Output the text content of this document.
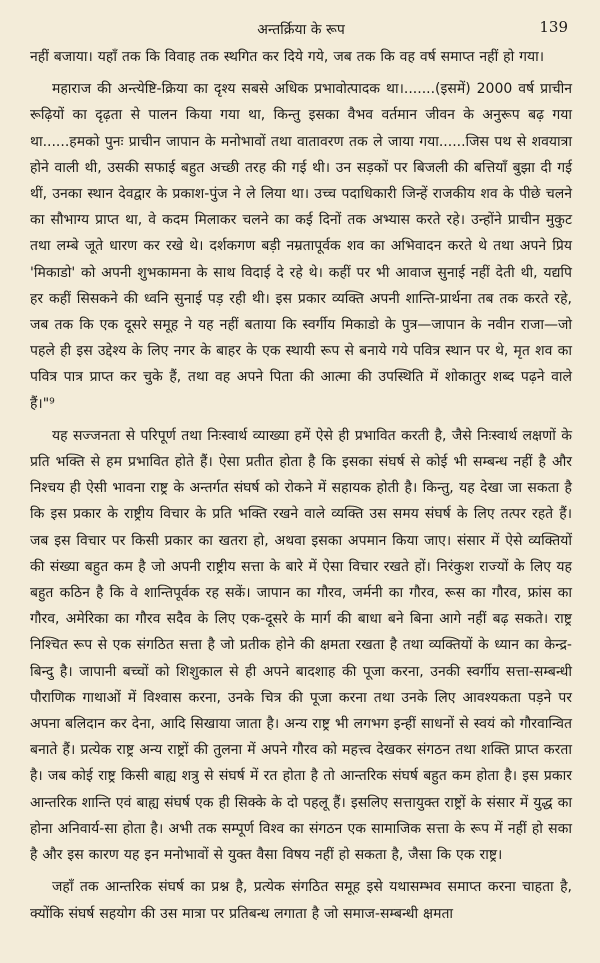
अन्तर्क्रिया के रूप	139

नहीं बजाया। यहाँ तक कि विवाह तक स्थगित कर दिये गये, जब तक कि वह वर्ष समाप्त नहीं हो गया।

महाराज की अन्त्येष्टि-क्रिया का दृश्य सबसे अधिक प्रभावोत्पादक था।.......(इसमें) 2000 वर्ष प्राचीन रूढ़ियों का दृढ़ता से पालन किया गया था, किन्तु इसका वैभव वर्तमान जीवन के अनुरूप बढ़ गया था......हमको पुनः प्राचीन जापान के मनोभावों तथा वातावरण तक ले जाया गया......जिस पथ से शवयात्रा होने वाली थी, उसकी सफाई बहुत अच्छी तरह की गई थी। उन सड़कों पर बिजली की बत्तियाँ बुझा दी गई थीं, उनका स्थान देवद्वार के प्रकाश-पुंज ने ले लिया था। उच्च पदाधिकारी जिन्हें राजकीय शव के पीछे चलने का सौभाग्य प्राप्त था, वे कदम मिलाकर चलने का कई दिनों तक अभ्यास करते रहे। उन्होंने प्राचीन मुकुट तथा लम्बे जूते धारण कर रखे थे। दर्शकगण बड़ी नम्रतापूर्वक शव का अभिवादन करते थे तथा अपने प्रिय 'मिकाडो' को अपनी शुभकामना के साथ विदाई दे रहे थे। कहीं पर भी आवाज सुनाई नहीं देती थी, यद्यपि हर कहीं सिसकने की ध्वनि सुनाई पड़ रही थी। इस प्रकार व्यक्ति अपनी शान्ति-प्रार्थना तब तक करते रहे, जब तक कि एक दूसरे समूह ने यह नहीं बताया कि स्वर्गीय मिकाडो के पुत्र—जापान के नवीन राजा—जो पहले ही इस उद्देश्य के लिए नगर के बाहर के एक स्थायी रूप से बनाये गये पवित्र स्थान पर थे, मृत शव का पवित्र पात्र प्राप्त कर चुके हैं, तथा वह अपने पिता की आत्मा की उपस्थिति में शोकातुर शब्द पढ़ने वाले हैं।"⁹

यह सज्जनता से परिपूर्ण तथा निःस्वार्थ व्याख्या हमें ऐसे ही प्रभावित करती है, जैसे निःस्वार्थ लक्षणों के प्रति भक्ति से हम प्रभावित होते हैं। ऐसा प्रतीत होता है कि इसका संघर्ष से कोई भी सम्बन्ध नहीं है और निश्चय ही ऐसी भावना राष्ट्र के अन्तर्गत संघर्ष को रोकने में सहायक होती है। किन्तु, यह देखा जा सकता है कि इस प्रकार के राष्ट्रीय विचार के प्रति भक्ति रखने वाले व्यक्ति उस समय संघर्ष के लिए तत्पर रहते हैं। जब इस विचार पर किसी प्रकार का खतरा हो, अथवा इसका अपमान किया जाए। संसार में ऐसे व्यक्तियों की संख्या बहुत कम है जो अपनी राष्ट्रीय सत्ता के बारे में ऐसा विचार रखते हों। निरंकुश राज्यों के लिए यह बहुत कठिन है कि वे शान्तिपूर्वक रह सकें। जापान का गौरव, जर्मनी का गौरव, रूस का गौरव, फ्रांस का गौरव, अमेरिका का गौरव सदैव के लिए एक-दूसरे के मार्ग की बाधा बने बिना आगे नहीं बढ़ सकते। राष्ट्र निश्चित रूप से एक संगठित सत्ता है जो प्रतीक होने की क्षमता रखता है तथा व्यक्तियों के ध्यान का केन्द्र-बिन्दु है। जापानी बच्चों को शिशुकाल से ही अपने बादशाह की पूजा करना, उनकी स्वर्गीय सत्ता-सम्बन्धी पौराणिक गाथाओं में विश्वास करना, उनके चित्र की पूजा करना तथा उनके लिए आवश्यकता पड़ने पर अपना बलिदान कर देना, आदि सिखाया जाता है। अन्य राष्ट्र भी लगभग इन्हीं साधनों से स्वयं को गौरवान्वित बनाते हैं। प्रत्येक राष्ट्र अन्य राष्ट्रों की तुलना में अपने गौरव को महत्त्व देखकर संगठन तथा शक्ति प्राप्त करता है। जब कोई राष्ट्र किसी बाह्य शत्रु से संघर्ष में रत होता है तो आन्तरिक संघर्ष बहुत कम होता है। इस प्रकार आन्तरिक शान्ति एवं बाह्य संघर्ष एक ही सिक्के के दो पहलू हैं। इसलिए सत्तायुक्त राष्ट्रों के संसार में युद्ध का होना अनिवार्य-सा होता है। अभी तक सम्पूर्ण विश्व का संगठन एक सामाजिक सत्ता के रूप में नहीं हो सका है और इस कारण यह इन मनोभावों से युक्त वैसा विषय नहीं हो सकता है, जैसा कि एक राष्ट्र।

जहाँ तक आन्तरिक संघर्ष का प्रश्न है, प्रत्येक संगठित समूह इसे यथासम्भव समाप्त करना चाहता है, क्योंकि संघर्ष सहयोग की उस मात्रा पर प्रतिबन्ध लगाता है जो समाज-सम्बन्धी क्षमता
